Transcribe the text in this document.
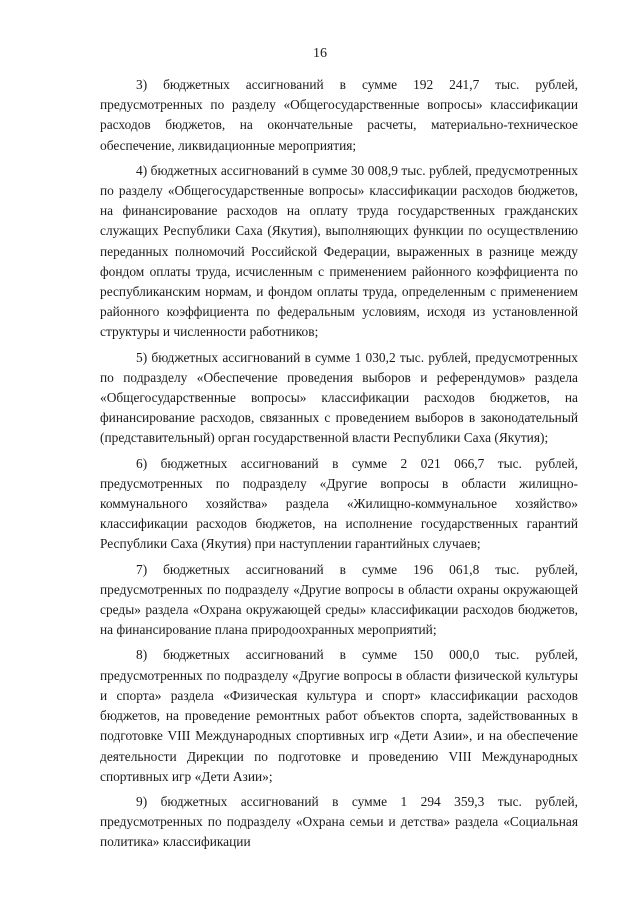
16

3) бюджетных ассигнований в сумме 192 241,7 тыс. рублей, предусмотренных по разделу «Общегосударственные вопросы» классификации расходов бюджетов, на окончательные расчеты, материально-техническое обеспечение, ликвидационные мероприятия;

4) бюджетных ассигнований в сумме 30 008,9 тыс. рублей, предусмотренных по разделу «Общегосударственные вопросы» классификации расходов бюджетов, на финансирование расходов на оплату труда государственных гражданских служащих Республики Саха (Якутия), выполняющих функции по осуществлению переданных полномочий Российской Федерации, выраженных в разнице между фондом оплаты труда, исчисленным с применением районного коэффициента по республиканским нормам, и фондом оплаты труда, определенным с применением районного коэффициента по федеральным условиям, исходя из установленной структуры и численности работников;

5) бюджетных ассигнований в сумме 1 030,2 тыс. рублей, предусмотренных по подразделу «Обеспечение проведения выборов и референдумов» раздела «Общегосударственные вопросы» классификации расходов бюджетов, на финансирование расходов, связанных с проведением выборов в законодательный (представительный) орган государственной власти Республики Саха (Якутия);

6) бюджетных ассигнований в сумме 2 021 066,7 тыс. рублей, предусмотренных по подразделу «Другие вопросы в области жилищно-коммунального хозяйства» раздела «Жилищно-коммунальное хозяйство» классификации расходов бюджетов, на исполнение государственных гарантий Республики Саха (Якутия) при наступлении гарантийных случаев;

7) бюджетных ассигнований в сумме 196 061,8 тыс. рублей, предусмотренных по подразделу «Другие вопросы в области охраны окружающей среды» раздела «Охрана окружающей среды» классификации расходов бюджетов, на финансирование плана природоохранных мероприятий;

8) бюджетных ассигнований в сумме 150 000,0 тыс. рублей, предусмотренных по подразделу «Другие вопросы в области физической культуры и спорта» раздела «Физическая культура и спорт» классификации расходов бюджетов, на проведение ремонтных работ объектов спорта, задействованных в подготовке VIII Международных спортивных игр «Дети Азии», и на обеспечение деятельности Дирекции по подготовке и проведению VIII Международных спортивных игр «Дети Азии»;

9) бюджетных ассигнований в сумме 1 294 359,3 тыс. рублей, предусмотренных по подразделу «Охрана семьи и детства» раздела «Социальная политика» классификации
